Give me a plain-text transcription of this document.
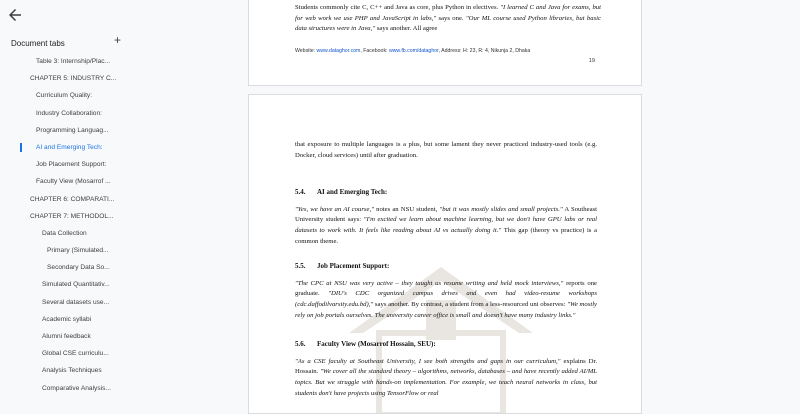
Document tabs	+
Table 3: Internship/Plac...
CHAPTER 5: INDUSTRY C...
Curriculum Quality:
Industry Collaboration:
Programming Languag...
AI and Emerging Tech:
Job Placement Support:
Faculty View (Mosarrof ...
CHAPTER 6: COMPARATI...
CHAPTER 7: METHODOL...
Data Collection
Primary (Simulated...
Secondary Data So...
Simulated Quantitativ...
Several datasets use...
Academic syllabi
Alumni feedback
Global CSE curriculu...
Analysis Techniques
Comparative Analysis...
Students commonly cite C, C++ and Java as core, plus Python in electives. "I learned C and Java for exams, but for web work we use PHP and JavaScript in labs," says one. "Our ML course used Python libraries, but basic data structures were in Java," says another. All agree
Website: www.dataghor.com, Facebook: www.fb.com/dataghor, Address: H: 23, R: 4, Nikunja 2, Dhaka
19

that exposure to multiple languages is a plus, but some lament they never practiced industry-used tools (e.g. Docker, cloud services) until after graduation.

5.4. AI and Emerging Tech:

"Yes, we have an AI course," notes an NSU student, "but it was mostly slides and small projects." A Southeast University student says: "I'm excited we learn about machine learning, but we don't have GPU labs or real datasets to work with. It feels like reading about AI vs actually doing it." This gap (theory vs practice) is a common theme.

5.5. Job Placement Support:

"The CPC at NSU was very active – they taught us resume writing and held mock interviews," reports one graduate. "DIU's CDC organized campus drives and even had video-resume workshops (cdc.daffodilvarsity.edu.bd)," says another. By contrast, a student from a less-resourced uni observes: "We mostly rely on job portals ourselves. The university career office is small and doesn't have many industry links."

5.6. Faculty View (Mosarrof Hossain, SEU):

"As a CSE faculty at Southeast University, I see both strengths and gaps in our curriculum," explains Dr. Hossain. "We cover all the standard theory – algorithms, networks, databases – and have recently added AI/ML topics. But we struggle with hands-on implementation. For example, we teach neural networks in class, but students don't have projects using TensorFlow or real
